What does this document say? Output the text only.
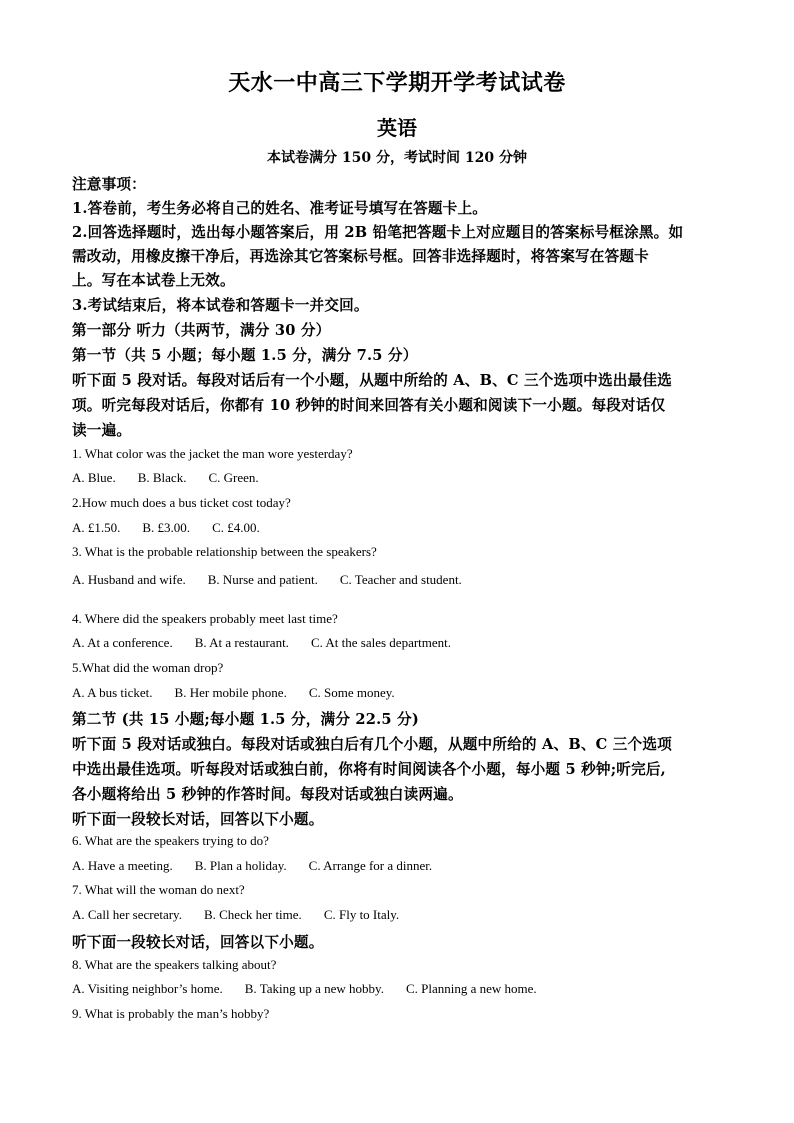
天水一中高三下学期开学考试试卷
英语
本试卷满分 150 分，考试时间 120 分钟
注意事项：
1.答卷前，考生务必将自己的姓名、准考证号填写在答题卡上。
2.回答选择题时，选出每小题答案后，用 2B 铅笔把答题卡上对应题目的答案标号框涂黑。如
需改动，用橡皮擦干净后，再选涂其它答案标号框。回答非选择题时，将答案写在答题卡
上。写在本试卷上无效。
3.考试结束后，将本试卷和答题卡一并交回。
第一部分 听力（共两节，满分 30 分）
第一节（共 5 小题；每小题 1.5 分，满分 7.5 分）
听下面 5 段对话。每段对话后有一个小题，从题中所给的 A、B、C 三个选项中选出最佳选
项。听完每段对话后，你都有 10 秒钟的时间来回答有关小题和阅读下一小题。每段对话仅
读一遍。
1. What color was the jacket the man wore yesterday?
A. Blue. B. Black. C. Green.
2.How much does a bus ticket cost today?
A. £1.50. B. £3.00. C. £4.00.
3. What is the probable relationship between the speakers?
A. Husband and wife. B. Nurse and patient. C. Teacher and student.
4. Where did the speakers probably meet last time?
A. At a conference. B. At a restaurant. C. At the sales department.
5.What did the woman drop?
A. A bus ticket. B. Her mobile phone. C. Some money.
第二节 (共 15 小题;每小题 1.5 分，满分 22.5 分)
听下面 5 段对话或独白。每段对话或独白后有几个小题，从题中所给的 A、B、C 三个选项
中选出最佳选项。听每段对话或独白前，你将有时间阅读各个小题，每小题 5 秒钟;听完后,
各小题将给出 5 秒钟的作答时间。每段对话或独白读两遍。
听下面一段较长对话，回答以下小题。
6. What are the speakers trying to do?
A. Have a meeting. B. Plan a holiday. C. Arrange for a dinner.
7. What will the woman do next?
A. Call her secretary. B. Check her time. C. Fly to Italy.
听下面一段较长对话，回答以下小题。
8. What are the speakers talking about?
A. Visiting neighbor’s home. B. Taking up a new hobby. C. Planning a new home.
9. What is probably the man’s hobby?
